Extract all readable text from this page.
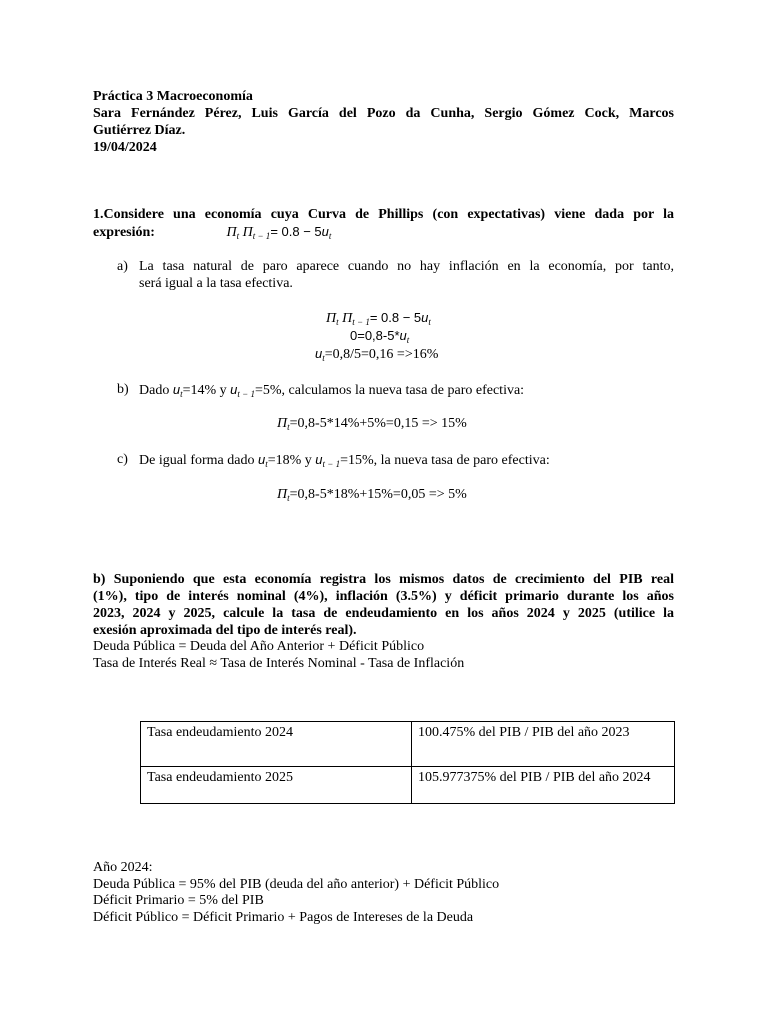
Práctica 3 Macroeconomía
Sara Fernández Pérez, Luis García del Pozo da Cunha, Sergio Gómez Cock, Marcos
Gutiérrez Díaz.
19/04/2024
1.Considere una economía cuya Curva de Phillips (con expectativas) viene dada por la
expresión:	$\Pi_t$ $\Pi_{t - 1}= 0.8 - 5u_t$
a) La tasa natural de paro aparece cuando no hay inflación en la economía, por tanto,
será igual a la tasa efectiva.
$\Pi_t$ $\Pi_{t - 1}= 0.8 - 5u_t$
$0=0,8-5*u_t$
$u_t=0,8/5=0,16 =>16\%$
b) Dado $u_t=14\%$ y $u_{t - 1}=5\%$, calculamos la nueva tasa de paro efectiva:
$\Pi_t=0,8-5*14\%+5\%=0,15 => 15\%$
c) De igual forma dado $u_t=18\%$ y $u_{t - 1}=15\%$, la nueva tasa de paro efectiva:
$\Pi_t=0,8-5*18\%+15\%=0,05 => 5\%$
b) Suponiendo que esta economía registra los mismos datos de crecimiento del PIB real
(1%), tipo de interés nominal (4%), inflación (3.5%) y déficit primario durante los años
2023, 2024 y 2025, calcule la tasa de endeudamiento en los años 2024 y 2025 (utilice la
exesión aproximada del tipo de interés real).
Deuda Pública = Deuda del Año Anterior + Déficit Público
Tasa de Interés Real ≈ Tasa de Interés Nominal - Tasa de Inflación
Tasa endeudamiento 2024	100.475% del PIB / PIB del año 2023
Tasa endeudamiento 2025	105.977375% del PIB / PIB del año 2024
Año 2024:
Deuda Pública = 95% del PIB (deuda del año anterior) + Déficit Público
Déficit Primario = 5% del PIB
Déficit Público = Déficit Primario + Pagos de Intereses de la Deuda
